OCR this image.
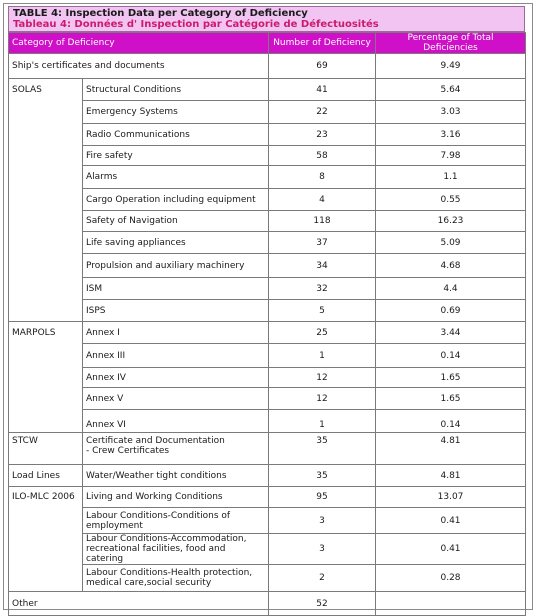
TABLE 4: Inspection Data per Category of Deficiency
Tableau 4: Données d' Inspection par Catégorie de Défectuosités
Category of Deficiency		Number of Deficiency	Percentage of Total Deficiencies
Ship's certificates and documents		69	9.49
SOLAS	Structural Conditions	41	5.64
	Emergency Systems	22	3.03
	Radio Communications	23	3.16
	Fire safety	58	7.98
	Alarms	8	1.1
	Cargo Operation including equipment	4	0.55
	Safety of Navigation	118	16.23
	Life saving appliances	37	5.09
	Propulsion and auxiliary machinery	34	4.68
	ISM	32	4.4
	ISPS	5	0.69
MARPOLS	Annex I	25	3.44
	Annex III	1	0.14
	Annex IV	12	1.65
	Annex V	12	1.65
	Annex VI	1	0.14
STCW	Certificate and Documentation
- Crew Certificates	35	4.81
Load Lines	Water/Weather tight conditions	35	4.81
ILO-MLC 2006	Living and Working Conditions	95	13.07
	Labour Conditions-Conditions of employment	3	0.41
	Labour Conditions-Accommodation, recreational facilities, food and catering	3	0.41
	Labour Conditions-Health protection, medical care,social security	2	0.28
Other		52	
